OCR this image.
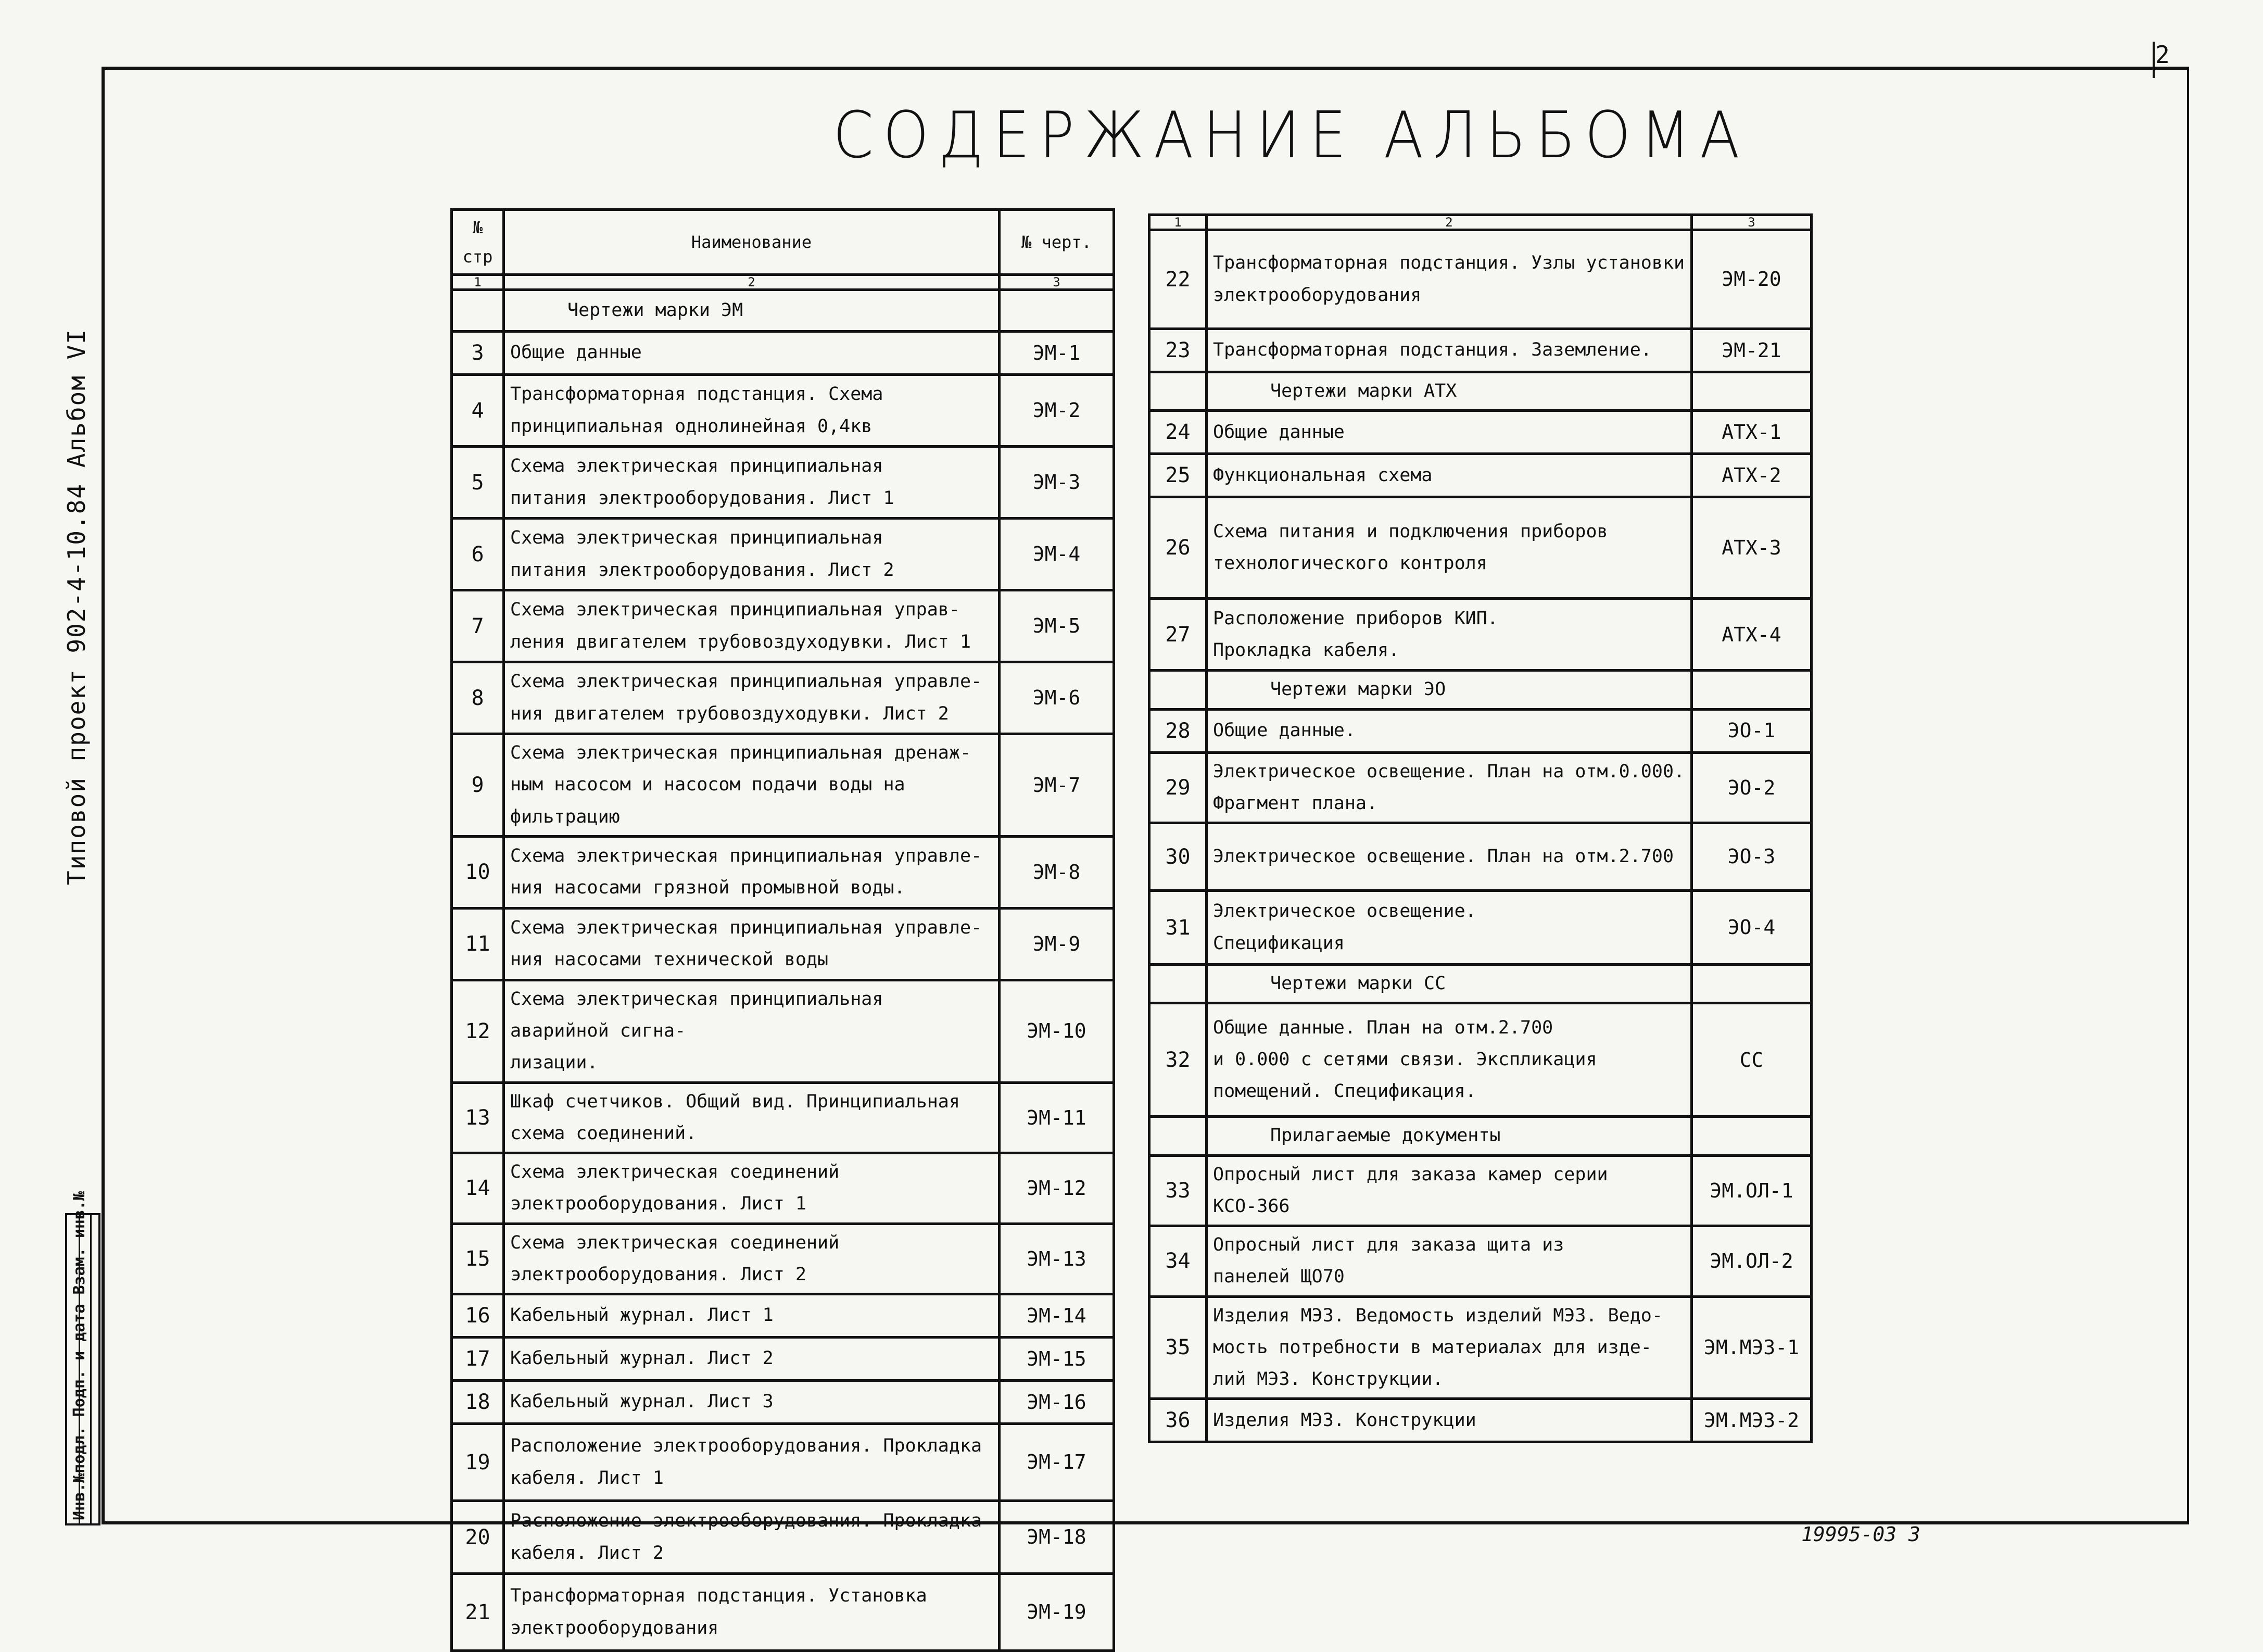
2
СОДЕРЖАНИЕ АЛЬБОМА
Типовой проект 902-4-10.84 Альбом VI
Инв.№подл. Подп. и дата Взам. инв.№
19995-03 3
№ стр	Наименование	№ черт.
1	2	3
	Чертежи марки ЭМ	
3	Общие данные	ЭМ-1
4	Трансформаторная подстанция. Схема
принципиальная однолинейная 0,4кв	ЭМ-2
5	Схема электрическая принципиальная
питания электрооборудования. Лист 1	ЭМ-3
6	Схема электрическая принципиальная
питания электрооборудования. Лист 2	ЭМ-4
7	Схема электрическая принципиальная управ-
ления двигателем трубовоздуходувки. Лист 1	ЭМ-5
8	Схема электрическая принципиальная управле-
ния двигателем трубовоздуходувки. Лист 2	ЭМ-6
9	Схема электрическая принципиальная дренаж-
ным насосом и насосом подачи воды на фильтрацию	ЭМ-7
10	Схема электрическая принципиальная управле-
ния насосами грязной промывной воды.	ЭМ-8
11	Схема электрическая принципиальная управле-
ния насосами технической воды	ЭМ-9
12	Схема электрическая принципиальная аварийной сигна-
лизации.	ЭМ-10
13	Шкаф счетчиков. Общий вид. Принципиальная схема соединений.	ЭМ-11
14	Схема электрическая соединений электрооборудования. Лист 1	ЭМ-12
15	Схема электрическая соединений электрооборудования. Лист 2	ЭМ-13
16	Кабельный журнал. Лист 1	ЭМ-14
17	Кабельный журнал. Лист 2	ЭМ-15
18	Кабельный журнал. Лист 3	ЭМ-16
19	Расположение электрооборудования. Прокладка
кабеля. Лист 1	ЭМ-17
20	Расположение электрооборудования. Прокладка
кабеля. Лист 2	ЭМ-18
21	Трансформаторная подстанция. Установка
электрооборудования	ЭМ-19
1	2	3
22	Трансформаторная подстанция. Узлы установки
электрооборудования	ЭМ-20
23	Трансформаторная подстанция. Заземление.	ЭМ-21

	Чертежи марки АТХ	

24	Общие данные	АТХ-1
25	Функциональная схема	АТХ-2
26	Схема питания и подключения приборов
технологического контроля	АТХ-3
27	Расположение приборов КИП.
Прокладка кабеля.	АТХ-4

	Чертежи марки ЭО	

28	Общие данные.	ЭО-1
29	Электрическое освещение. План на отм.0.000.
Фрагмент плана.	ЭО-2
30	Электрическое освещение. План на отм.2.700	ЭО-3
31	Электрическое освещение.
Спецификация	ЭО-4

	Чертежи марки СС	

32	Общие данные. План на отм.2.700
и 0.000 с сетями связи. Экспликация
помещений. Спецификация.	СС

	Прилагаемые документы	

33	Опросный лист для заказа камер серии
КСО-366	ЭМ.ОЛ-1
34	Опросный лист для заказа щита из
панелей ЩО70	ЭМ.ОЛ-2
35	Изделия МЭЗ. Ведомость изделий МЭЗ. Ведо-
мость потребности в материалах для изде-
лий МЭЗ. Конструкции.	ЭМ.МЭЗ-1
36	Изделия МЭЗ. Конструкции	ЭМ.МЭЗ-2
